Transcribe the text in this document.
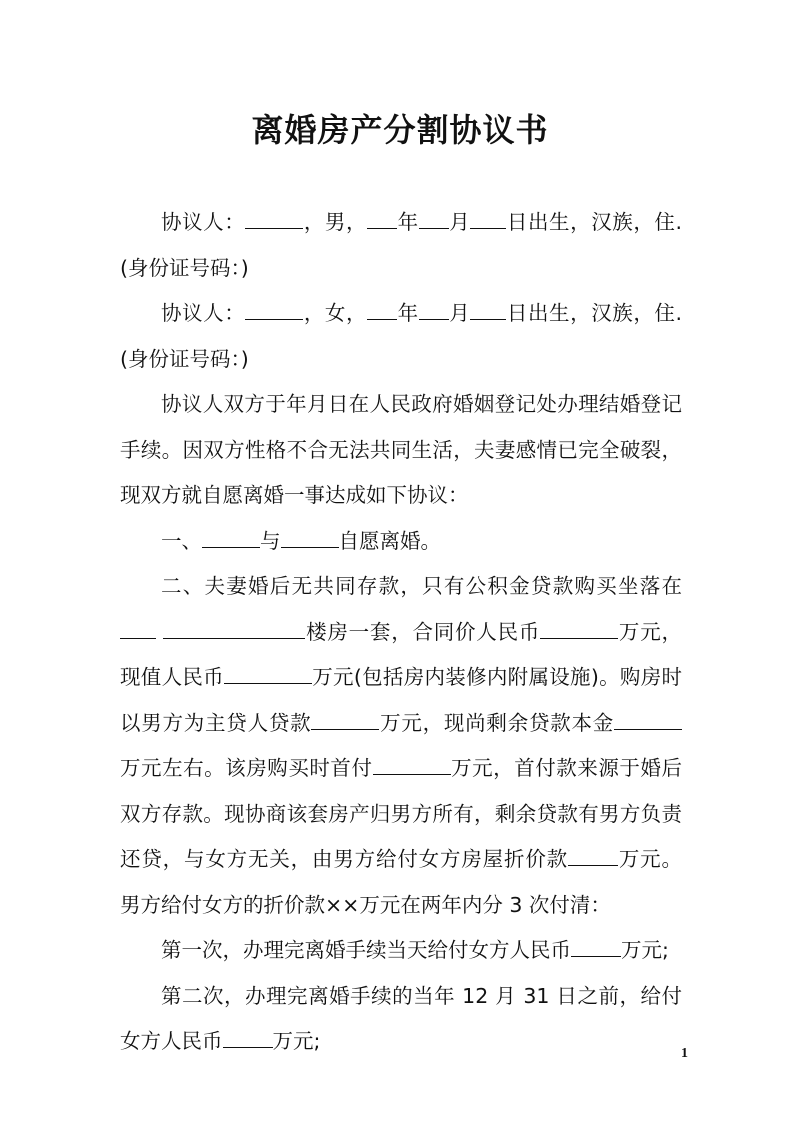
离婚房产分割协议书

协议人：	，男， 年 月 日出生，汉族，住.(身份证号码：)

协议人：	，女， 年 月 日出生，汉族，住.(身份证号码：)

协议人双方于年月日在人民政府婚姻登记处办理结婚登记手续。因双方性格不合无法共同生活，夫妻感情已完全破裂，现双方就自愿离婚一事达成如下协议：

一、	与	自愿离婚。

二、夫妻婚后无共同存款，只有公积金贷款购买坐落在 楼房一套，合同价人民币	万元，现值人民币	万元(包括房内装修内附属设施)。购房时以男方为主贷人贷款	万元，现尚剩余贷款本金万元左右。该房购买时首付	万元，首付款来源于婚后双方存款。现协商该套房产归男方所有，剩余贷款有男方负责还贷，与女方无关，由男方给付女方房屋折价款 万元。男方给付女方的折价款××万元在两年内分 3 次付清：

第一次，办理完离婚手续当天给付女方人民币 万元;

第二次，办理完离婚手续的当年 12 月 31 日之前，给付女方人民币 万元;

1
